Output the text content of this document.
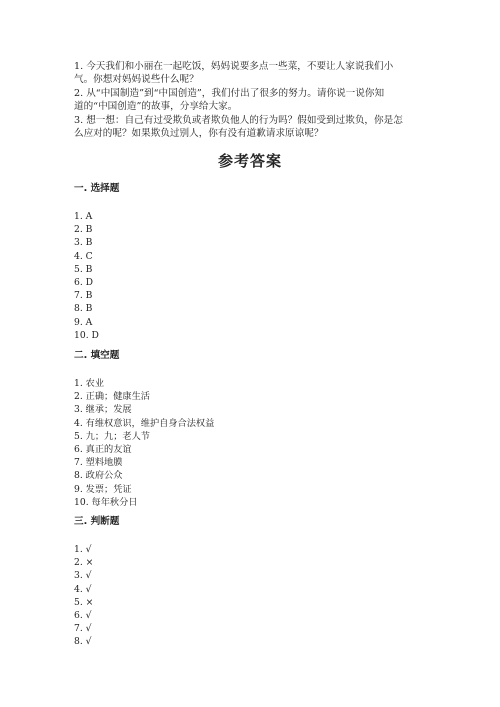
1. 今天我们和小丽在一起吃饭，妈妈说要多点一些菜，不要让人家说我们小

气。你想对妈妈说些什么呢？

2. 从“中国制造”到“中国创造”，我们付出了很多的努力。请你说一说你知

道的“中国创造”的故事，分享给大家。

3. 想一想：自己有过受欺负或者欺负他人的行为吗？假如受到过欺负，你是怎

么应对的呢？如果欺负过别人，你有没有道歉请求原谅呢？

参考答案
一. 选择题
1. A
2. B
3. B
4. C
5. B
6. D
7. B
8. B
9. A
10. D
二. 填空题
1. 农业
2. 正确；健康生活
3. 继承；发展
4. 有维权意识，维护自身合法权益
5. 九；九；老人节
6. 真正的友谊
7. 塑料地膜
8. 政府公众
9. 发票；凭证
10. 每年秋分日
三. 判断题
1. √
2. ×
3. √
4. √
5. ×
6. √
7. √
8. √
